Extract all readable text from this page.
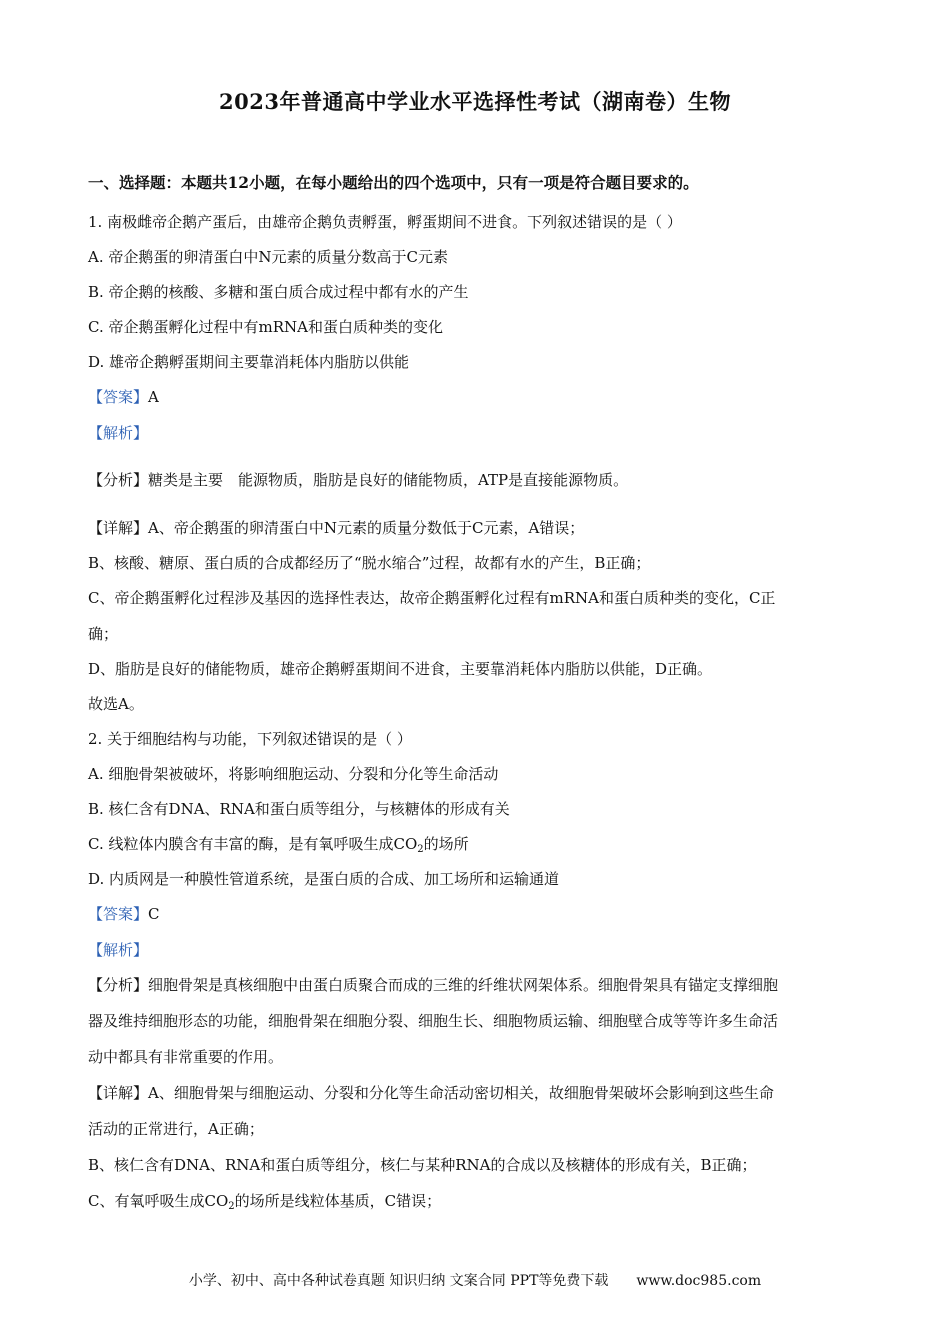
2023年普通高中学业水平选择性考试（湖南卷）生物
一、选择题：本题共12小题，在每小题给出的四个选项中，只有一项是符合题目要求的。
1. 南极雌帝企鹅产蛋后，由雄帝企鹅负责孵蛋，孵蛋期间不进食。下列叙述错误的是（ ）
A. 帝企鹅蛋的卵清蛋白中N元素的质量分数高于C元素
B. 帝企鹅的核酸、多糖和蛋白质合成过程中都有水的产生
C. 帝企鹅蛋孵化过程中有mRNA和蛋白质种类的变化
D. 雄帝企鹅孵蛋期间主要靠消耗体内脂肪以供能
【答案】A
【解析】
【分析】糖类是主要　能源物质，脂肪是良好的储能物质，ATP是直接能源物质。
【详解】A、帝企鹅蛋的卵清蛋白中N元素的质量分数低于C元素，A错误；
B、核酸、糖原、蛋白质的合成都经历了“脱水缩合”过程，故都有水的产生，B正确；
C、帝企鹅蛋孵化过程涉及基因的选择性表达，故帝企鹅蛋孵化过程有mRNA和蛋白质种类的变化，C正
确；
D、脂肪是良好的储能物质，雄帝企鹅孵蛋期间不进食，主要靠消耗体内脂肪以供能，D正确。
故选A。
2. 关于细胞结构与功能，下列叙述错误的是（ ）
A. 细胞骨架被破坏，将影响细胞运动、分裂和分化等生命活动
B. 核仁含有DNA、RNA和蛋白质等组分，与核糖体的形成有关
C. 线粒体内膜含有丰富的酶，是有氧呼吸生成$CO_2$的场所
D. 内质网是一种膜性管道系统，是蛋白质的合成、加工场所和运输通道
【答案】C
【解析】
【分析】细胞骨架是真核细胞中由蛋白质聚合而成的三维的纤维状网架体系。细胞骨架具有锚定支撑细胞
器及维持细胞形态的功能，细胞骨架在细胞分裂、细胞生长、细胞物质运输、细胞壁合成等等许多生命活
动中都具有非常重要的作用。
【详解】A、细胞骨架与细胞运动、分裂和分化等生命活动密切相关，故细胞骨架破坏会影响到这些生命
活动的正常进行，A正确；
B、核仁含有DNA、RNA和蛋白质等组分，核仁与某种RNA的合成以及核糖体的形成有关，B正确；
C、有氧呼吸生成$CO_2$的场所是线粒体基质，C错误；
小学、初中、高中各种试卷真题 知识归纳 文案合同 PPT等免费下载 www.doc985.com
